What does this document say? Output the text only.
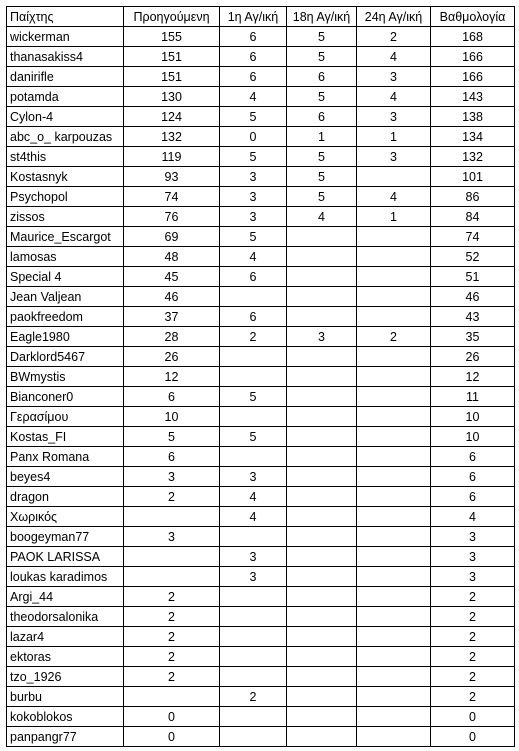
Παίχτης	Προηγούμενη	1η Αγ/ική	18η Αγ/ική	24η Αγ/ική	Βαθμολογία
wickerman	155	6	5	2	168
thanasakiss4	151	6	5	4	166
danirifle	151	6	6	3	166
potamda	130	4	5	4	143
Cylon-4	124	5	6	3	138
abc_o_ karpouzas	132	0	1	1	134
st4this	119	5	5	3	132
Kostasnyk	93	3	5		101
Psychopol	74	3	5	4	86
zissos	76	3	4	1	84
Maurice_Escargot	69	5			74
lamosas	48	4			52
Special 4	45	6			51
Jean Valjean	46				46
paokfreedom	37	6			43
Eagle1980	28	2	3	2	35
Darklord5467	26				26
BWmystis	12				12
Bianconer0	6	5			11
Γερασίμου	10				10
Kostas_FI	5	5			10
Panx Romana	6				6
beyes4	3	3			6
dragon	2	4			6
Χωρικός		4			4
boogeyman77	3				3
PAOK LARISSA		3			3
loukas karadimos		3			3
Argi_44	2				2
theodorsalonika	2				2
lazar4	2				2
ektoras	2				2
tzo_1926	2				2
burbu		2			2
kokoblokos	0				0
panpangr77	0				0
